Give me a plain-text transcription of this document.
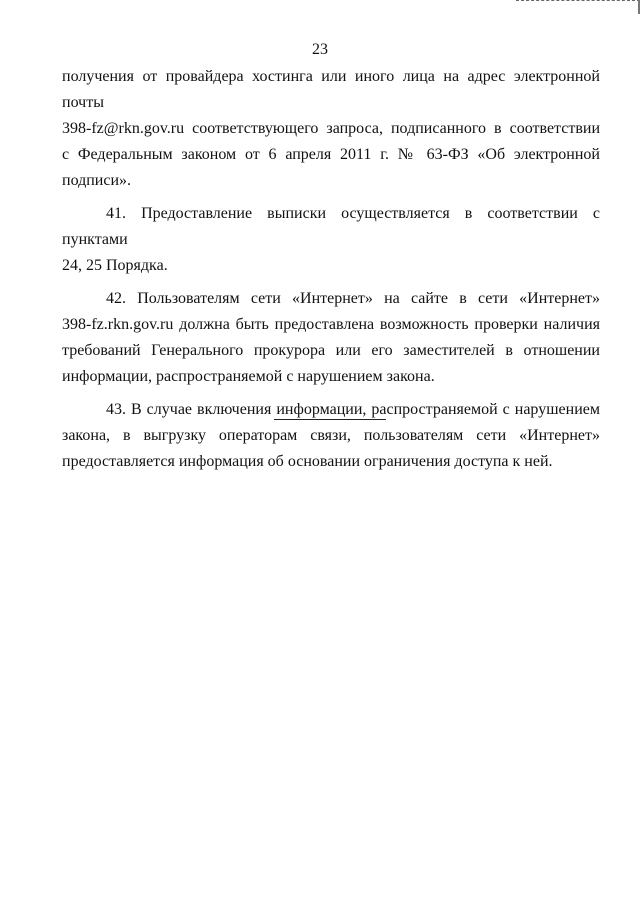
23
получения от провайдера хостинга или иного лица на адрес электронной почты
398-fz@rkn.gov.ru соответствующего запроса, подписанного в соответствии
с Федеральным законом от 6 апреля 2011 г. № 63-ФЗ «Об электронной подписи».
41. Предоставление выписки осуществляется в соответствии с пунктами
24, 25 Порядка.
42. Пользователям сети «Интернет» на сайте в сети «Интернет»
398-fz.rkn.gov.ru должна быть предоставлена возможность проверки наличия
требований Генерального прокурора или его заместителей в отношении
информации, распространяемой с нарушением закона.
43. В случае включения информации, распространяемой с нарушением
закона, в выгрузку операторам связи, пользователям сети «Интернет»
предоставляется информация об основании ограничения доступа к ней.
